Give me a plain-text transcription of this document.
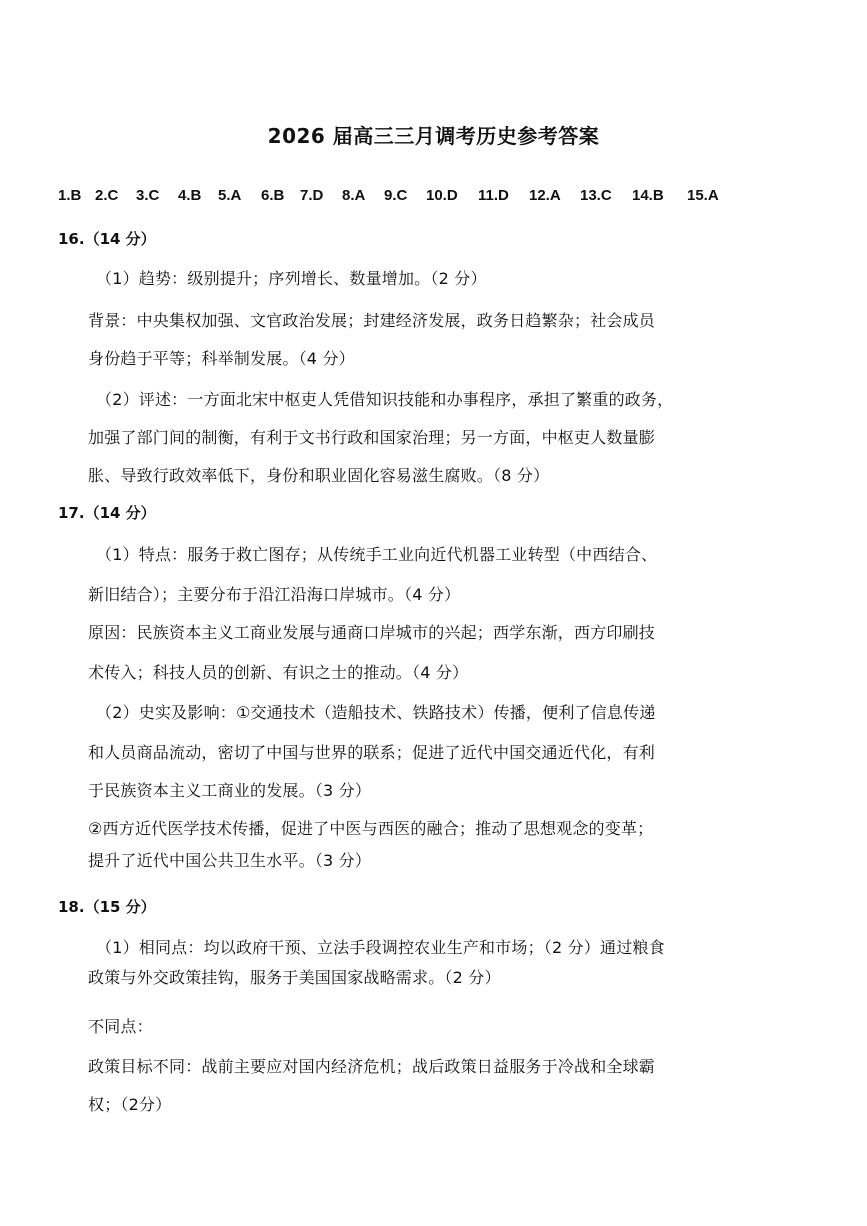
2026 届高三三月调考历史参考答案
1.B 2.C 3.C 4.B 5.A 6.B 7.D 8.A 9.C 10.D 11.D 12.A 13.C 14.B 15.A
16.（14 分）
（1）趋势：级别提升；序列增长、数量增加。（2 分）
背景：中央集权加强、文官政治发展；封建经济发展，政务日趋繁杂；社会成员
身份趋于平等；科举制发展。（4 分）
（2）评述：一方面北宋中枢吏人凭借知识技能和办事程序，承担了繁重的政务，
加强了部门间的制衡，有利于文书行政和国家治理；另一方面，中枢吏人数量膨
胀、导致行政效率低下，身份和职业固化容易滋生腐败。（8 分）
17.（14 分）
（1）特点：服务于救亡图存；从传统手工业向近代机器工业转型（中西结合、
新旧结合）；主要分布于沿江沿海口岸城市。（4 分）
原因：民族资本主义工商业发展与通商口岸城市的兴起；西学东渐，西方印刷技
术传入；科技人员的创新、有识之士的推动。（4 分）
（2）史实及影响：①交通技术（造船技术、铁路技术）传播，便利了信息传递
和人员商品流动，密切了中国与世界的联系；促进了近代中国交通近代化，有利
于民族资本主义工商业的发展。（3 分）
②西方近代医学技术传播，促进了中医与西医的融合；推动了思想观念的变革；
提升了近代中国公共卫生水平。（3 分）
18.（15 分）
（1）相同点：均以政府干预、立法手段调控农业生产和市场；（2 分）通过粮食
政策与外交政策挂钩，服务于美国国家战略需求。（2 分）
不同点：
政策目标不同：战前主要应对国内经济危机；战后政策日益服务于冷战和全球霸
权；（2分）
